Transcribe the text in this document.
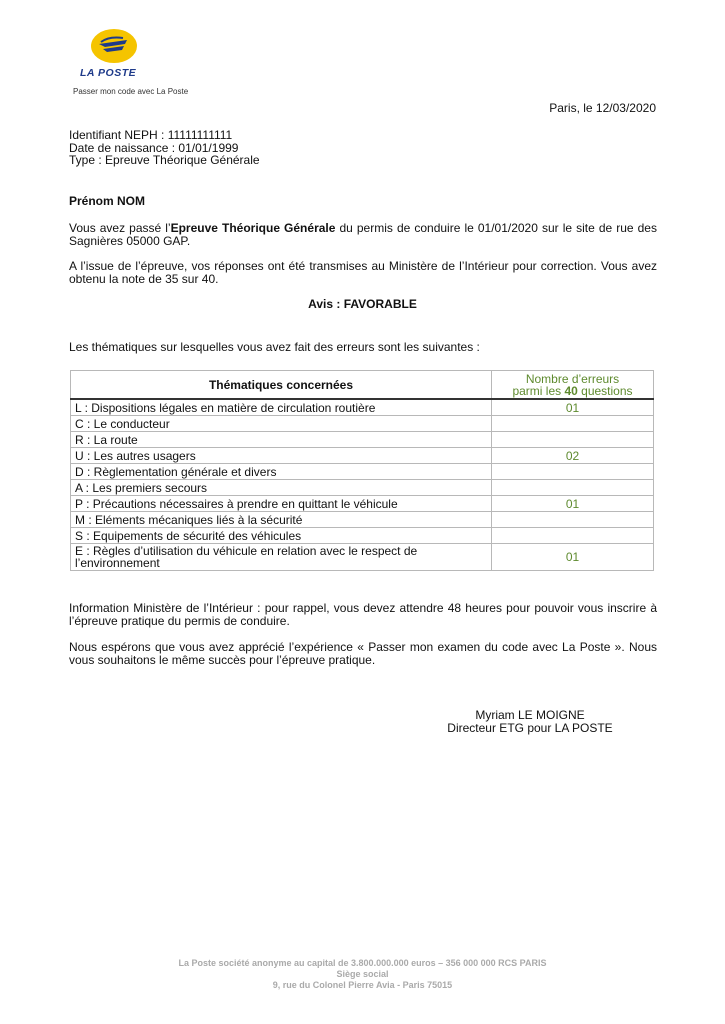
LA POSTE
Passer mon code avec La Poste
Paris, le 12/03/2020
Identifiant NEPH : 11111111111
Date de naissance : 01/01/1999
Type : Epreuve Théorique Générale
Prénom NOM
Vous avez passé l’Epreuve Théorique Générale du permis de conduire le 01/01/2020 sur le site de rue des Sagnières 05000 GAP.
A l’issue de l’épreuve, vos réponses ont été transmises au Ministère de l’Intérieur pour correction. Vous avez obtenu la note de 35 sur 40.
Avis : FAVORABLE
Les thématiques sur lesquelles vous avez fait des erreurs sont les suivantes :
Thématiques concernées	Nombre d’erreurs
parmi les 40 questions
L : Dispositions légales en matière de circulation routière	01
C : Le conducteur	
R : La route	
U : Les autres usagers	02
D : Règlementation générale et divers	
A : Les premiers secours	
P : Précautions nécessaires à prendre en quittant le véhicule	01
M : Eléments mécaniques liés à la sécurité	
S : Equipements de sécurité des véhicules	
E : Règles d’utilisation du véhicule en relation avec le respect de l’environnement	01
Information Ministère de l’Intérieur : pour rappel, vous devez attendre 48 heures pour pouvoir vous inscrire à l’épreuve pratique du permis de conduire.
Nous espérons que vous avez apprécié l’expérience « Passer mon examen du code avec La Poste ». Nous vous souhaitons le même succès pour l’épreuve pratique.
Myriam LE MOIGNE
Directeur ETG pour LA POSTE
La Poste société anonyme au capital de 3.800.000.000 euros – 356 000 000 RCS PARIS
Siège social
9, rue du Colonel Pierre Avia - Paris 75015
